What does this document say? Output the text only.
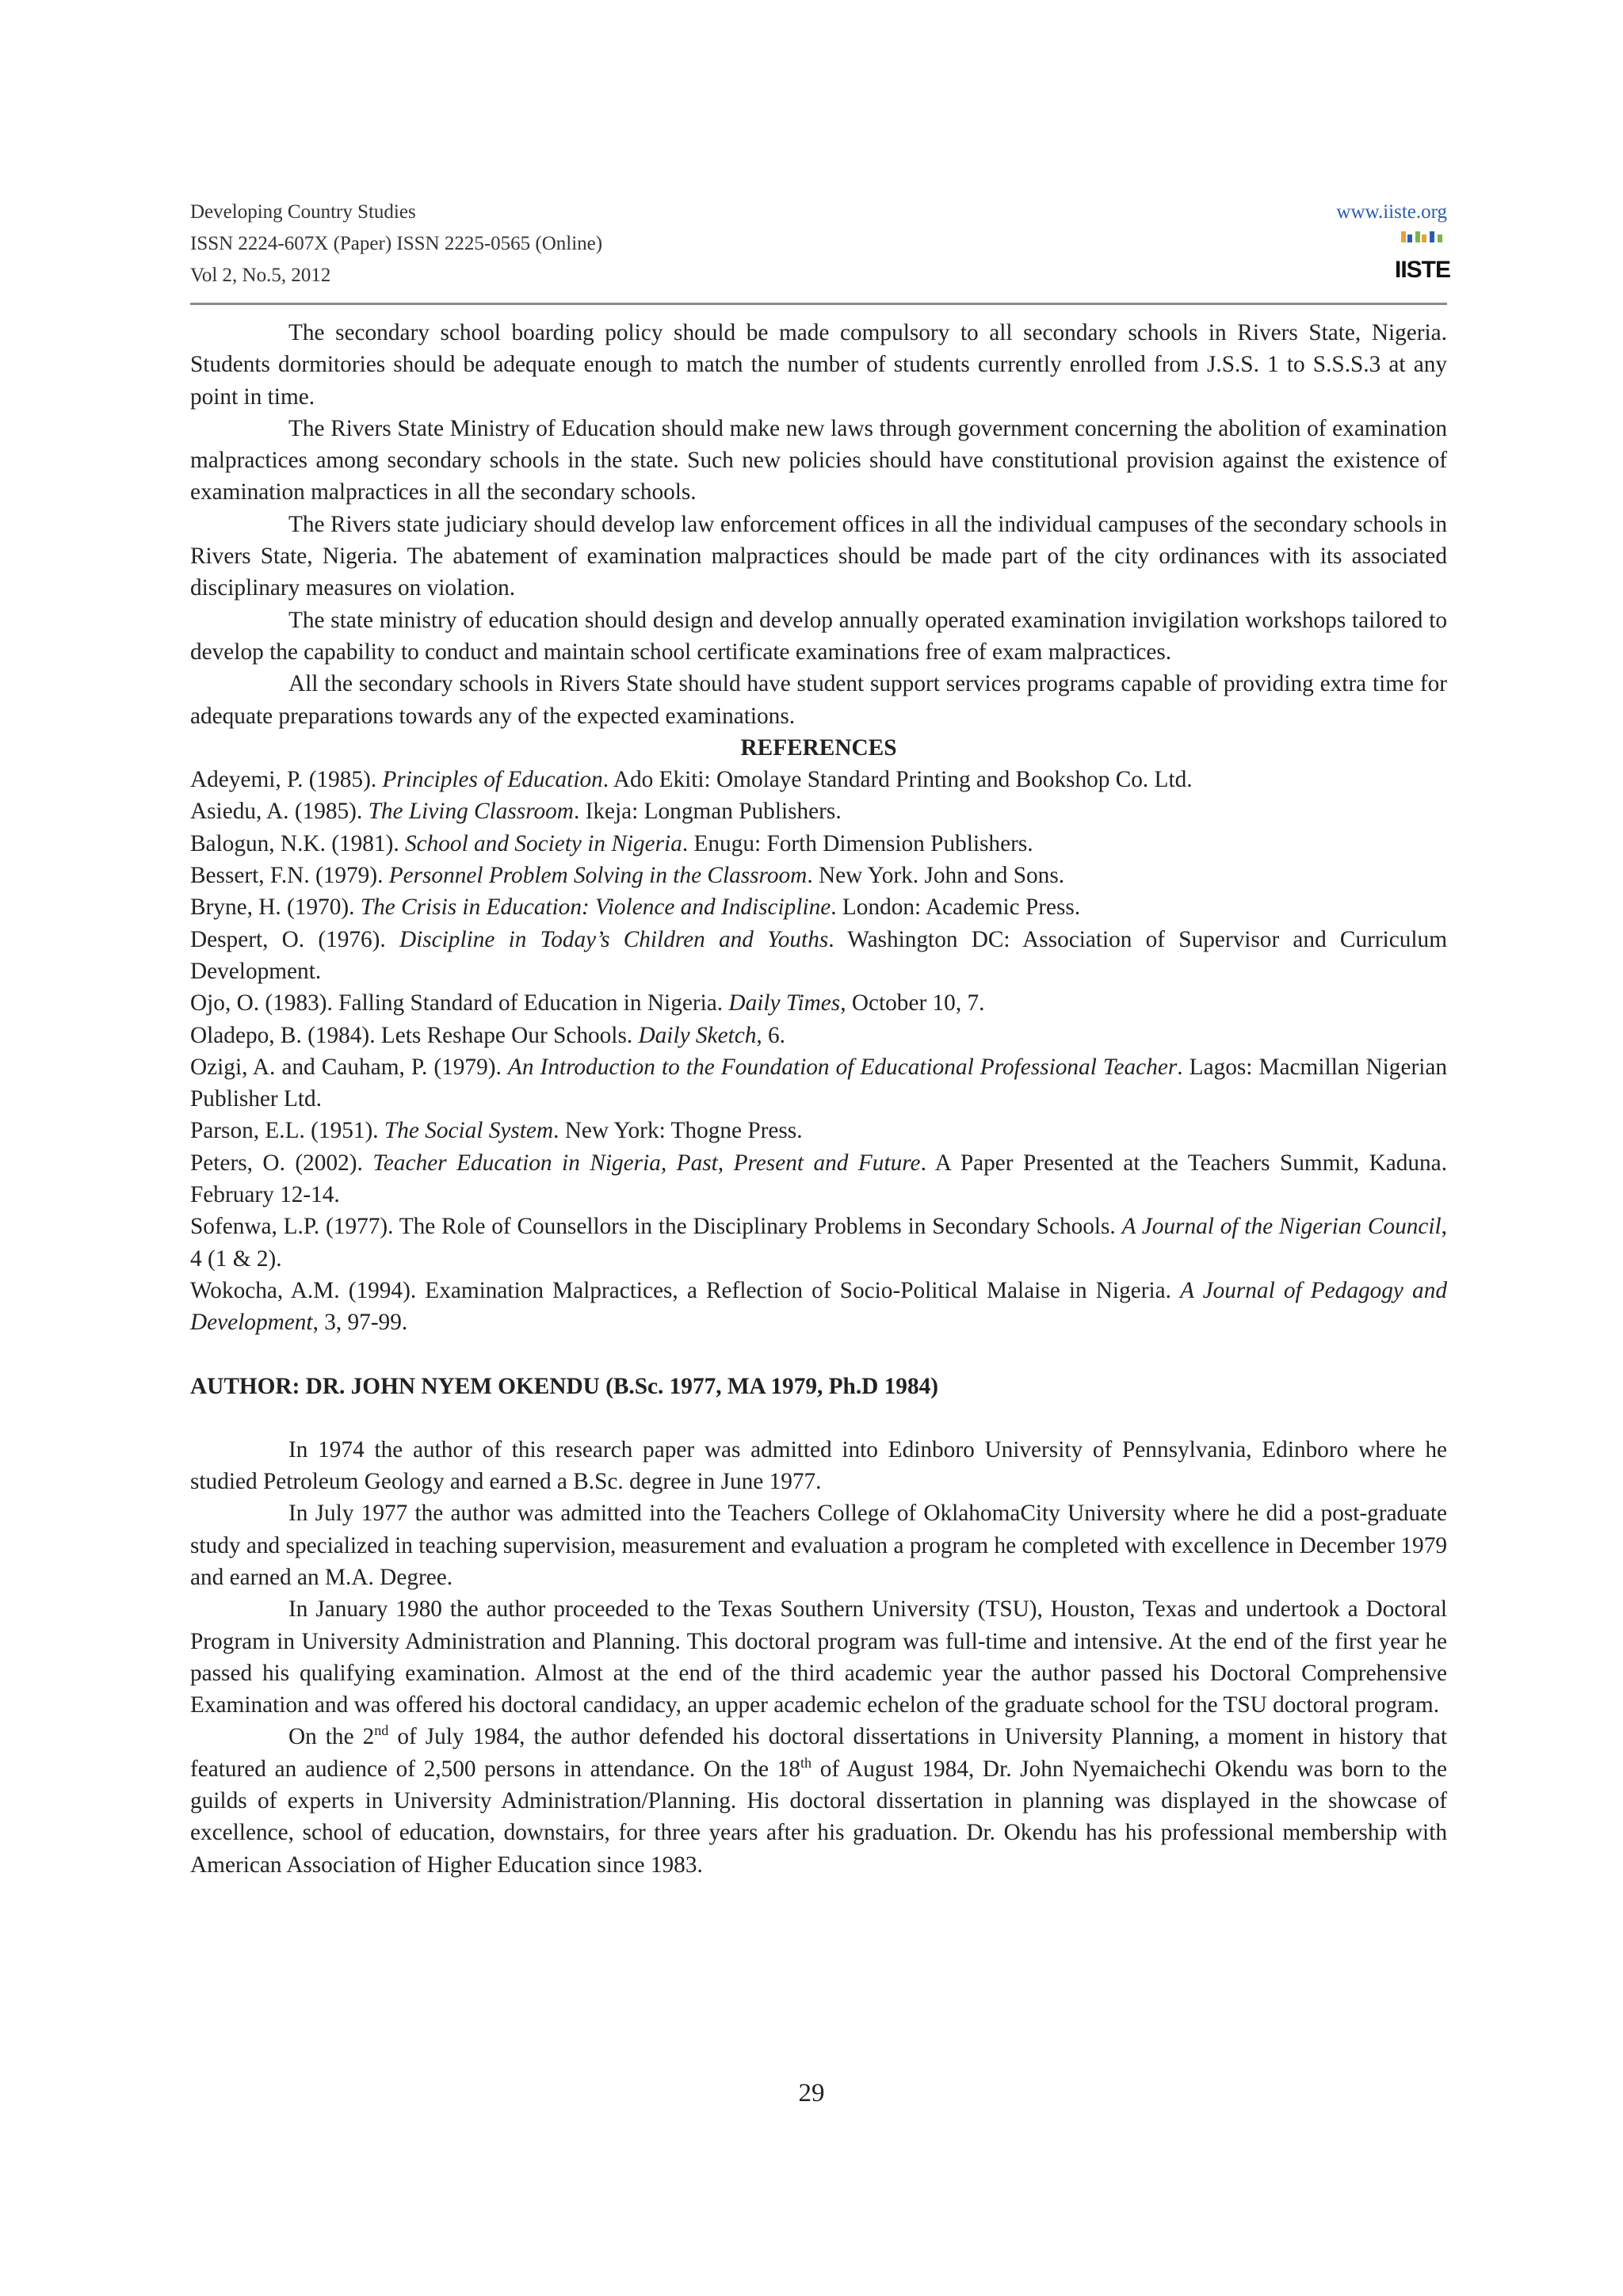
Developing Country Studies
ISSN 2224-607X (Paper) ISSN 2225-0565 (Online)
Vol 2, No.5, 2012
www.iiste.org
IISTE

The secondary school boarding policy should be made compulsory to all secondary schools in Rivers State, Nigeria. Students dormitories should be adequate enough to match the number of students currently enrolled from J.S.S. 1 to S.S.S.3 at any point in time.

The Rivers State Ministry of Education should make new laws through government concerning the abolition of examination malpractices among secondary schools in the state. Such new policies should have constitutional provision against the existence of examination malpractices in all the secondary schools.

The Rivers state judiciary should develop law enforcement offices in all the individual campuses of the secondary schools in Rivers State, Nigeria. The abatement of examination malpractices should be made part of the city ordinances with its associated disciplinary measures on violation.

The state ministry of education should design and develop annually operated examination invigilation workshops tailored to develop the capability to conduct and maintain school certificate examinations free of exam malpractices.

All the secondary schools in Rivers State should have student support services programs capable of providing extra time for adequate preparations towards any of the expected examinations.

REFERENCES

Adeyemi, P. (1985). Principles of Education. Ado Ekiti: Omolaye Standard Printing and Bookshop Co. Ltd.

Asiedu, A. (1985). The Living Classroom. Ikeja: Longman Publishers.

Balogun, N.K. (1981). School and Society in Nigeria. Enugu: Forth Dimension Publishers.

Bessert, F.N. (1979). Personnel Problem Solving in the Classroom. New York. John and Sons.

Bryne, H. (1970). The Crisis in Education: Violence and Indiscipline. London: Academic Press.

Despert, O. (1976). Discipline in Today’s Children and Youths. Washington DC: Association of Supervisor and Curriculum Development.

Ojo, O. (1983). Falling Standard of Education in Nigeria. Daily Times, October 10, 7.

Oladepo, B. (1984). Lets Reshape Our Schools. Daily Sketch, 6.

Ozigi, A. and Cauham, P. (1979). An Introduction to the Foundation of Educational Professional Teacher. Lagos: Macmillan Nigerian Publisher Ltd.

Parson, E.L. (1951). The Social System. New York: Thogne Press.

Peters, O. (2002). Teacher Education in Nigeria, Past, Present and Future. A Paper Presented at the Teachers Summit, Kaduna. February 12-14.

Sofenwa, L.P. (1977). The Role of Counsellors in the Disciplinary Problems in Secondary Schools. A Journal of the Nigerian Council, 4 (1 & 2).

Wokocha, A.M. (1994). Examination Malpractices, a Reflection of Socio-Political Malaise in Nigeria. A Journal of Pedagogy and Development, 3, 97-99.

AUTHOR: DR. JOHN NYEM OKENDU (B.Sc. 1977, MA 1979, Ph.D 1984)

In 1974 the author of this research paper was admitted into Edinboro University of Pennsylvania, Edinboro where he studied Petroleum Geology and earned a B.Sc. degree in June 1977.

In July 1977 the author was admitted into the Teachers College of OklahomaCity University where he did a post-graduate study and specialized in teaching supervision, measurement and evaluation a program he completed with excellence in December 1979 and earned an M.A. Degree.

In January 1980 the author proceeded to the Texas Southern University (TSU), Houston, Texas and undertook a Doctoral Program in University Administration and Planning. This doctoral program was full-time and intensive. At the end of the first year he passed his qualifying examination. Almost at the end of the third academic year the author passed his Doctoral Comprehensive Examination and was offered his doctoral candidacy, an upper academic echelon of the graduate school for the TSU doctoral program.

On the 2nd of July 1984, the author defended his doctoral dissertations in University Planning, a moment in history that featured an audience of 2,500 persons in attendance. On the 18th of August 1984, Dr. John Nyemaichechi Okendu was born to the guilds of experts in University Administration/Planning. His doctoral dissertation in planning was displayed in the showcase of excellence, school of education, downstairs, for three years after his graduation. Dr. Okendu has his professional membership with American Association of Higher Education since 1983.

29
